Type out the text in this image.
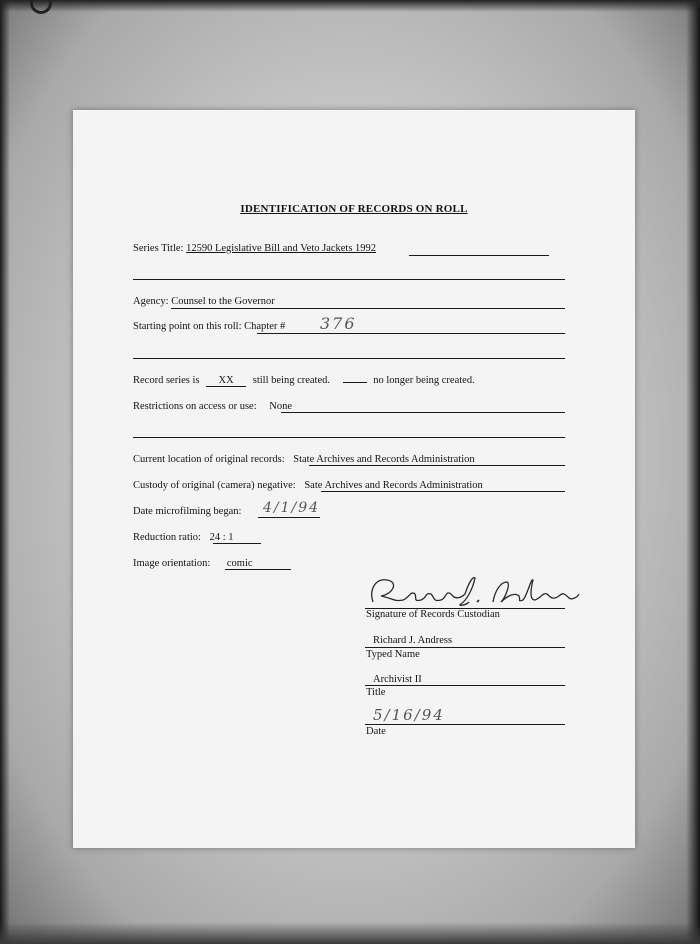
IDENTIFICATION OF RECORDS ON ROLL
Series Title: 12590 Legislative Bill and Veto Jackets 1992
Agency: Counsel to the Governor
Starting point on this roll: Chapter # 376
Record series is XX still being created.	no longer being created.
Restrictions on access or use: None
Current location of original records: State Archives and Records Administration
Custody of original (camera) negative: Sate Archives and Records Administration
Date microfilming began: 4/1/94
Reduction ratio: 24 : 1
Image orientation: comic
Signature of Records Custodian
Richard J. Andress
Typed Name
Archivist II
Title
5/16/94
Date
